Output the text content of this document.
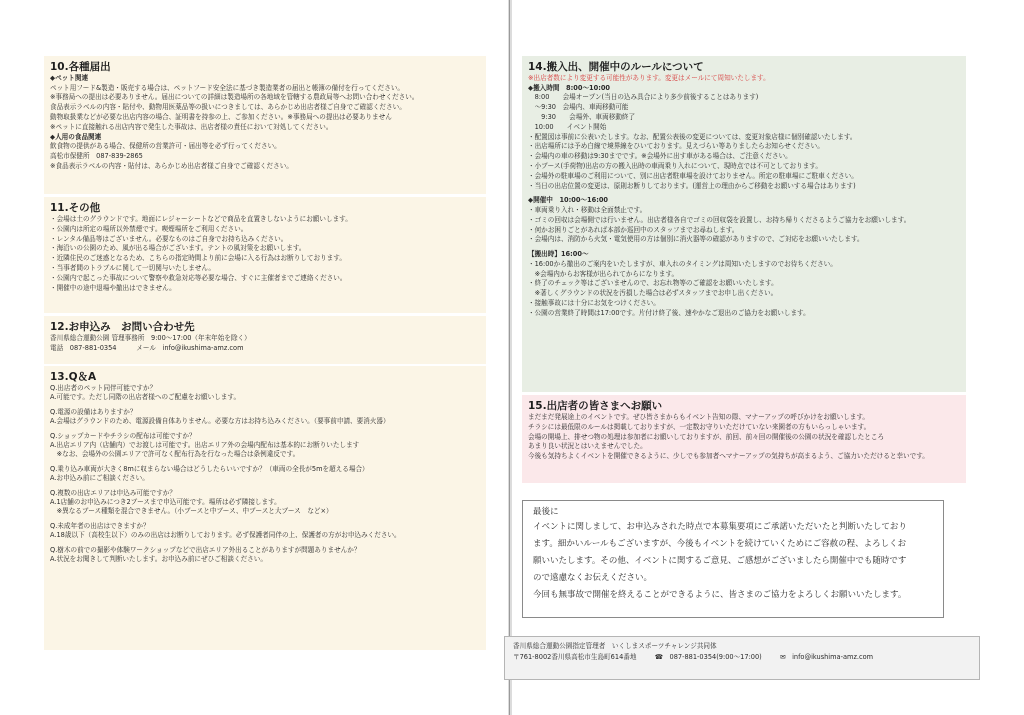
10.各種届出

◆ペット関連

ペット用フード&製造・販売する場合は、ペットフード安全法に基づき製造業者の届出と帳簿の備付を行ってください。

※事務局への提出は必要ありません。届出についての詳細は製造場所の各地域を管轄する農政局等へお問い合わせください。

食品表示ラベルの内容・貼付や、動物用医薬品等の扱いにつきましては、あらかじめ出店者様ご自身でご確認ください。

動物取扱業などが必要な出店内容の場合、証明書を持参の上、ご参加ください。※事務局への提出は必要ありません

※ペットに直接触れる出店内容で発生した事故は、出店者様の責任において対処してください。

◆人用の食品関連

飲食物の提供がある場合、保健所の営業許可・届出等を必ず行ってください。

高松市保健所　087-839-2865

※食品表示ラベルの内容・貼付は、あらかじめ出店者様ご自身でご確認ください。

11.その他

・会場は土のグラウンドです。地面にレジャーシートなどで商品を直置きしないようにお願いします。

・公園内は所定の場所以外禁煙です。喫煙場所をご利用ください。

・レンタル備品等はございません。必要なものはご自身でお持ち込みください。

・海沿いの公園のため、風が出る場合がございます。テントの風対策をお願いします。

・近隣住民のご迷惑となるため、こちらの指定時間より前に会場に入る行為はお断りしております。

・当事者間のトラブルに関して一切関与いたしません。

・公園内で起こった事故について警察や救急対応等必要な場合、すぐに主催者までご連絡ください。

・開催中の途中退場や撤出はできません。

12.お申込み　お問い合わせ先

香川県総合運動公園 管理事務所　9:00～17:00（年末年始を除く）

電話　087-881-0354　　　メール　info@ikushima-amz.com

13.Q＆A

Q.出店者のペット同伴可能ですか？

A.可能です。ただし同階の出店者様へのご配慮をお願いします。

Q.電源の設備はありますか？

A.会場はグラウンドのため、電源設備自体ありません。必要な方はお持ち込みください。（要事前申請、要消火器）

Q.ショップカードやチラシの配布は可能ですか？

A.出店エリア内（店舗内）でお渡しは可能です。出店エリア外の会場内配布は基本的にお断りいたします

　※なお、会場外の公園エリアで許可なく配布行為を行なった場合は条例違反です。

Q.乗り込み車両が大きく8mに収まらない場合はどうしたらいいですか？（車両の全長が5mを超える場合）

A.お申込み前にご相談ください。

Q.複数の出店エリアは申込み可能ですか？

A.1店舗のお申込みにつき2ブースまで申込可能です。場所は必ず隣接します。

　※異なるブース種類を混合できません。（小ブースと中ブース、中ブースと大ブース　など×）

Q.未成年者の出店はできますか？

A.18歳以下（高校生以下）のみの出店はお断りしております。必ず保護者同伴の上、保護者の方がお申込みください。

Q.樹木の前での撮影や体験ワークショップなどで出店エリア外出ることがありますが問題ありませんか？

A.状況をお聞きして判断いたします。お申込み前にぜひご相談ください。

14.搬入出、開催中のルールについて

※出店者数により変更する可能性があります。変更はメールにて周知いたします。

◆搬入時間　8:00～10:00

　8:00　　会場オープン(当日の込み具合により多少前後することはあります)

　～9:30　会場内、車両移動可能

　　9:30　　会場外、車両移動終了

　10:00　　イベント開始

・配置図は事前に公表いたします。なお、配置公表後の変更については、変更対象店様に個別確認いたします。

・出店場所には予め白線で境界線をひいております。見えづらい等ありましたらお知らせください。

・会場内の車の移動は9:30までです。※会場外に出す車がある場合は、ご注意ください。

・小ブース(手荷物)出店の方の搬入出時の車両乗り入れについて、現時点では不可としております。

・会場外の駐車場のご利用について、別に出店者駐車場を設けておりません。所定の駐車場にご駐車ください。

・当日の出店位置の変更は、原則お断りしております。(運営上の理由からご移動をお願いする場合はあります)

◆開催中　10:00～16:00

・車両乗り入れ・移動は全面禁止です。

・ゴミの回収は会場側では行いません。出店者様各自でゴミの回収袋を設置し、お持ち帰りくださるようご協力をお願いします。

・何かお困りごとがあれば本部か巡回中のスタッフまでお尋ねします。

・会場内は、消防から火気・電気使用の方は個別に消火器等の確認がありますので、ご対応をお願いいたします。

【搬出時】16:00～

・16:00から撤出のご案内をいたしますが、車入れのタイミングは周知いたしますのでお待ちください。

　※会場内からお客様が出られてからになります。

・終了のチェック等はございませんので、お忘れ物等のご確認をお願いいたします。

　※著しくグラウンドの状況を汚損した場合は必ずスタッフまでお申し出ください。

・接触事故には十分にお気をつけください。

・公園の営業終了時間は17:00です。片付け終了後、速やかなご退出のご協力をお願いします。

15.出店者の皆さまへお願い

まだまだ発展途上のイベントです。ぜひ皆さまからもイベント告知の際、マナーアップの呼びかけをお願いします。

チラシには最低限のルールは掲載しておりますが、一定数お守りいただけていない来園者の方もいらっしゃいます。

会場の開場上、排せつ物の処理は参加者にお願いしておりますが、前回、前々回の開催後の公園の状況を確認したところ

あまり良い状況とはいえませんでした。

今後も気持ちよくイベントを開催できるように、少しでも参加者へマナーアップの気持ちが高まるよう、ご協力いただけると幸いです。

最後に

イベントに関しまして、お申込みされた時点で本募集要項にご承諾いただいたと判断いたしており

ます。細かいルールもございますが、今後もイベントを続けていくためにご容赦の程、よろしくお

願いいたします。その他、イベントに関するご意見、ご感想がございましたら開催中でも随時です

ので遠慮なくお伝えください。

今回も無事故で開催を終えることができるように、皆さまのご協力をよろしくお願いいたします。

香川県総合運動公園指定管理者　いくしまスポーツチャレンジ共同体

〒761-8002香川県高松市生島町614番地	☎　087-881-0354(9:00～17:00)	✉　info@ikushima-amz.com
